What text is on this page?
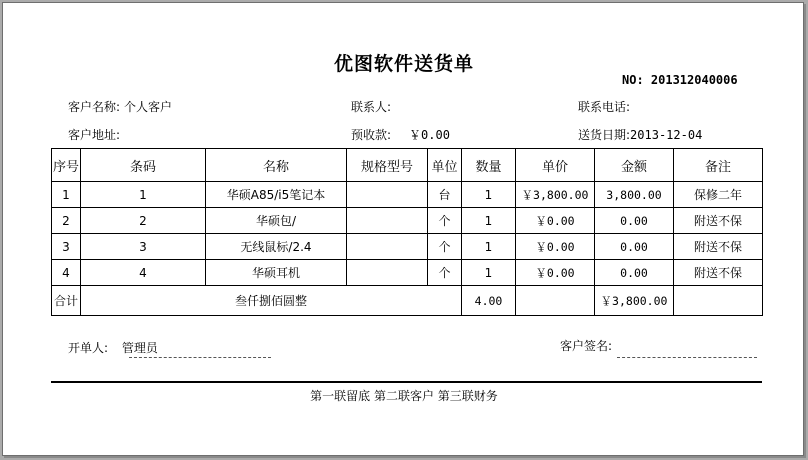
优图软件送货单
NO: 201312040006
客户名称: 个人客户	联系人:	联系电话:
客户地址:	预收款: ￥0.00	送货日期:2013-12-04
序号	条码	名称	规格型号	单位	数量	单价	金额	备注
1	1	华硕A85/i5笔记本		台	1	￥3,800.00	3,800.00	保修二年
2	2	华硕包/		个	1	￥0.00	0.00	附送不保
3	3	无线鼠标/2.4		个	1	￥0.00	0.00	附送不保
4	4	华硕耳机		个	1	￥0.00	0.00	附送不保
合计	叁仟捌佰圆整				4.00		￥3,800.00	
开单人: 管理员	客户签名:
第一联留底 第二联客户 第三联财务
